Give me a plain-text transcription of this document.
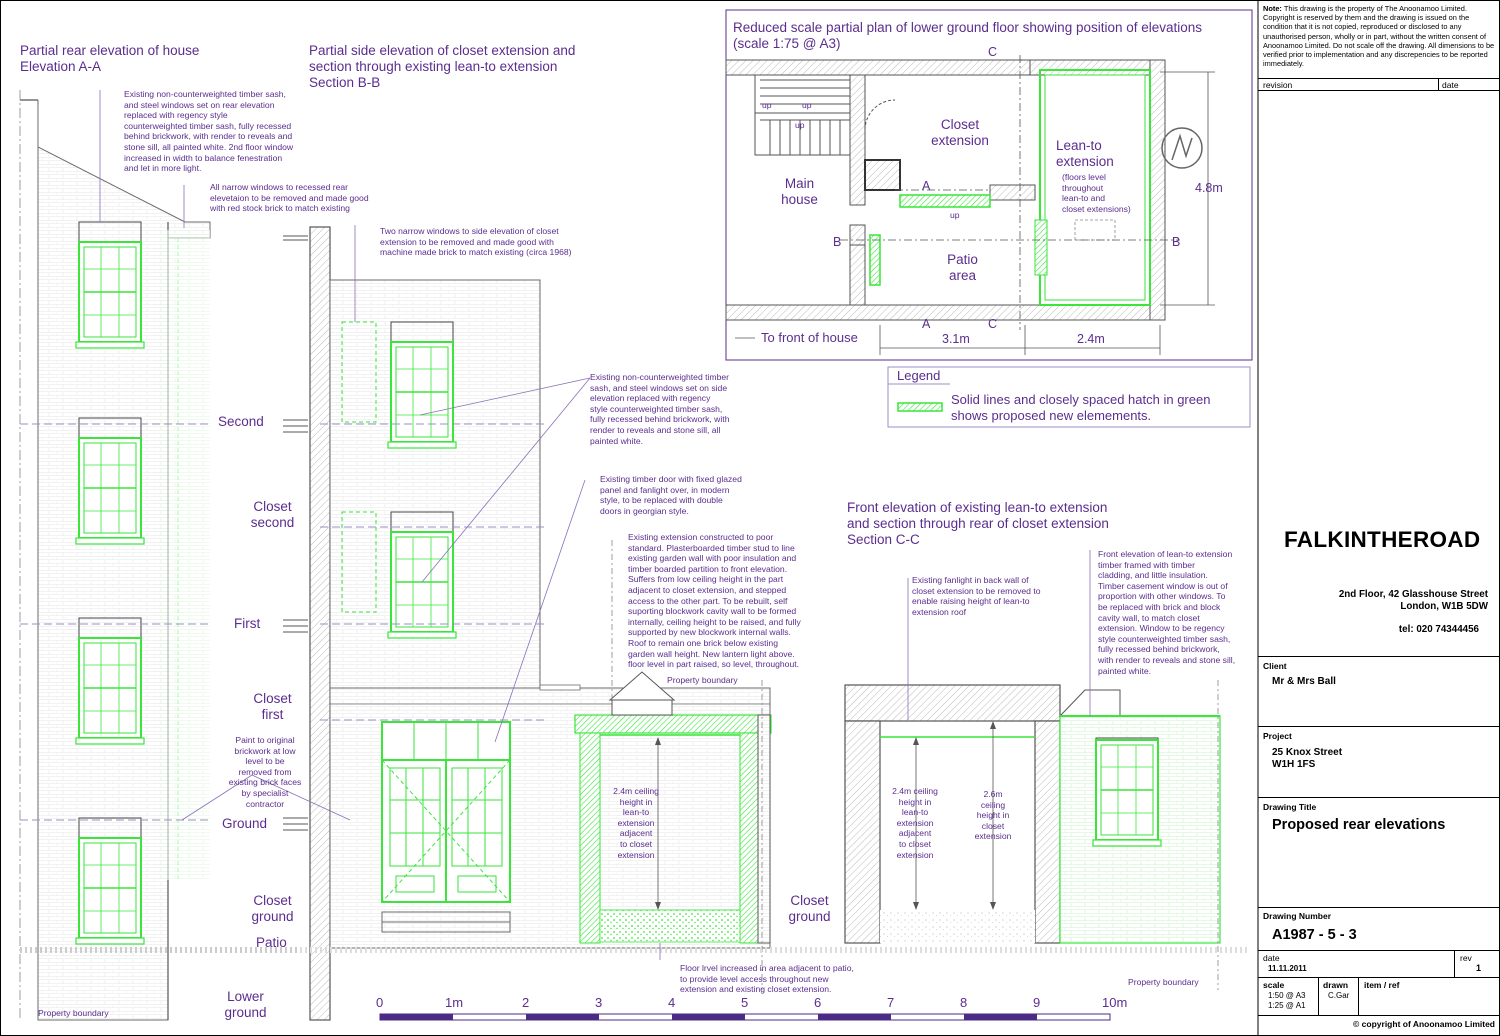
Partial rear elevation of house
Elevation A-A
Partial side elevation of closet extension and
section through existing lean-to extension
Section B-B
Front elevation of existing lean-to extension
and section through rear of closet extension
Section C-C
Reduced scale partial plan of lower ground floor showing position of elevations
(scale 1:75 @ A3)
Existing non-counterweighted timber sash,
and steel windows set on rear elevation
replaced with regency style
counterweighted timber sash, fully recessed
behind brickwork, with render to reveals and
stone sill, all painted white. 2nd floor window
increased in width to balance fenestration
and let in more light.
All narrow windows to recessed rear
elevetaion to be removed and made good
with red stock brick to match existing
Two narrow windows to side elevation of closet
extension to be removed and made good with
machine made brick to match existing (circa 1968)
Existing non-counterweighted timber
sash, and steel windows set on side
elevation replaced with regency
style counterweighted timber sash,
fully recessed behind brickwork, with
render to reveals and stone sill, all
painted white.
Existing timber door with fixed glazed
panel and fanlight over, in modern
style, to be replaced with double
doors in georgian style.
Existing extension constructed to poor
standard. Plasterboarded timber stud to line
existing garden wall with poor insulation and
timber boarded partition to front elevation.
Suffers from low ceiling height in the part
adjacent to closet extension, and stepped
access to the other part. To be rebuilt, self
suporting blockwork cavity wall to be formed
internally, ceiling height to be raised, and fully
supported by new blockwork internal walls.
Roof to remain one brick below existing
garden wall height. New lantern light above.
floor level in part raised, so level, throughout.
Paint to original
brickwork at low
level to be
removed from
existing brick faces
by specialist
contractor
Existing fanlight in back wall of
closet extension to be removed to
enable raising height of lean-to
extension roof
Front elevation of lean-to extension
timber framed with timber
cladding, and little insulation.
Timber casement window is out of
proportion with other windows. To
be replaced with brick and block
cavity wall, to match closet
extension. Window to be regency
style counterweighted timber sash,
fully recessed behind brickwork,
with render to reveals and stone sill,
painted white.
Floor lrvel increased in area adjacent to patio,
to provide level access throughout new
extension and existing closet extension.
2.4m ceiling
height in
lean-to
extension
adjacent
to closet
extension
2.4m ceiling
height in
lean-to
extension
adjacent
to closet
extension
2.6m
ceiling
height in
closet
extension
Property boundary
Property boundary
Property boundary
Second
Closet
second
First
Closet
first
Ground
Closet
ground
Patio
Lower
ground
Closet
ground
Closet
extension
Main
house
Lean-to
extension
(floors level
throughout
lean-to and
closet extensions)
Patio
area
C
A
B	B
A	C
up	up
up
up
To front of house	3.1m	2.4m
4.8m
Legend
Solid lines and closely spaced hatch in green
shows proposed new elemements.
0	1m	2	3	4	5	6	7	8	9	10m
Note: This drawing is the property of The Anoonamoo Limited. Copyright is reserved by them and the drawing is issued on the condition that it is not copied, reproduced or disclosed to any unauthorised person, wholly or in part, without the written consent of Anoonamoo Limited. Do not scale off the drawing. All dimensions to be verified prior to implementation and any discrepencies to be reported immediately.
revision	date
FALKINTHEROAD
2nd Floor, 42 Glasshouse Street
London, W1B 5DW
tel: 020 74344456
Client
Mr & Mrs Ball
Project
25 Knox Street
W1H 1FS
Drawing Title
Proposed rear elevations
Drawing Number
A1987 - 5 - 3
date
11.11.2011
rev
1
scale
1:50 @ A3
1:25 @ A1
drawn
C.Gar
item / ref
© copyright of Anoonamoo Limited
